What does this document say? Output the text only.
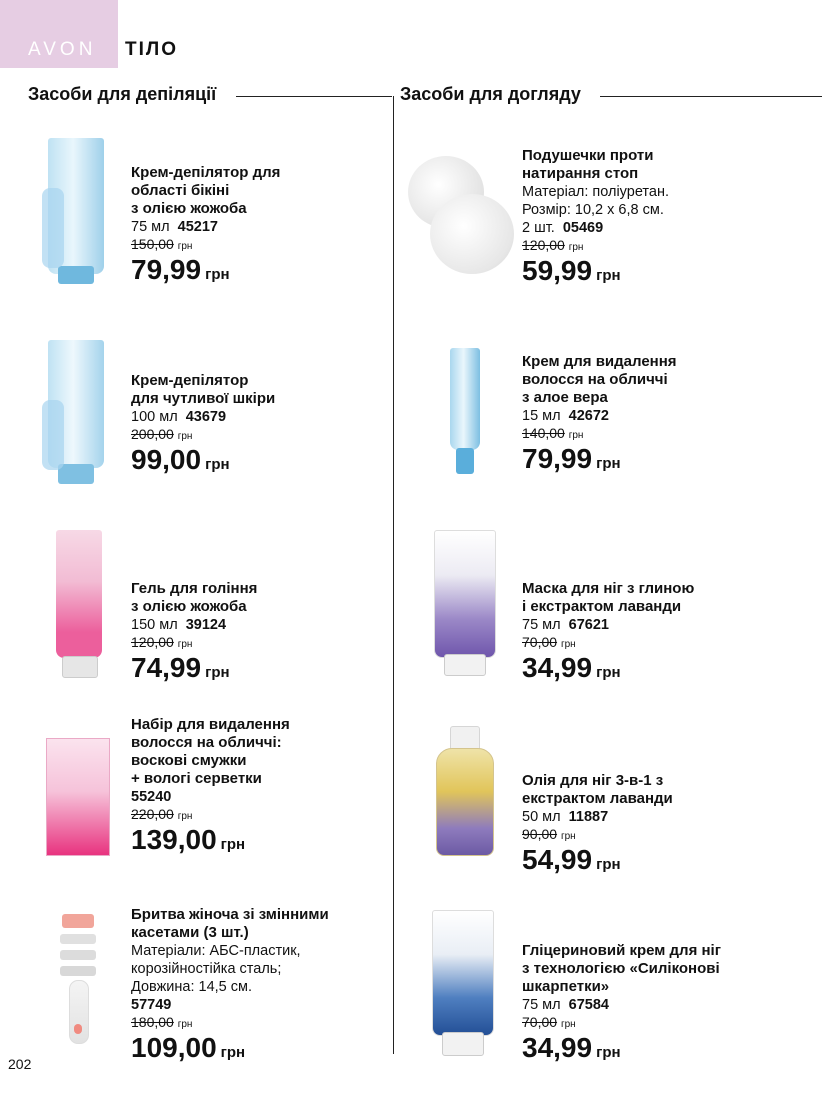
AVON ТІЛО
Засоби для депіляції	Засоби для догляду
Крем-депілятор для
області бікіні
з олією жожоба
75 мл 45217
150,00 грн
79,99 грн
Крем-депілятор
для чутливої шкіри
100 мл 43679
200,00 грн
99,00 грн
Гель для гоління
з олією жожоба
150 мл 39124
120,00 грн
74,99 грн
Набір для видалення
волосся на обличчі:
воскові смужки
+ вологі серветки
55240
220,00 грн
139,00 грн
Бритва жіноча зі змінними
касетами (3 шт.)
Матеріали: АБС-пластик,
корозійностійка сталь;
Довжина: 14,5 см.
57749
180,00 грн
109,00 грн
Подушечки проти
натирання стоп
Матеріал: поліуретан.
Розмір: 10,2 х 6,8 см.
2 шт. 05469
120,00 грн
59,99 грн
Крем для видалення
волосся на обличчі
з алое вера
15 мл 42672
140,00 грн
79,99 грн
Маска для ніг з глиною
і екстрактом лаванди
75 мл 67621
70,00 грн
34,99 грн
Олія для ніг 3-в-1 з
екстрактом лаванди
50 мл 11887
90,00 грн
54,99 грн
Гліцериновий крем для ніг
з технологією «Силіконові
шкарпетки»
75 мл 67584
70,00 грн
34,99 грн
202
